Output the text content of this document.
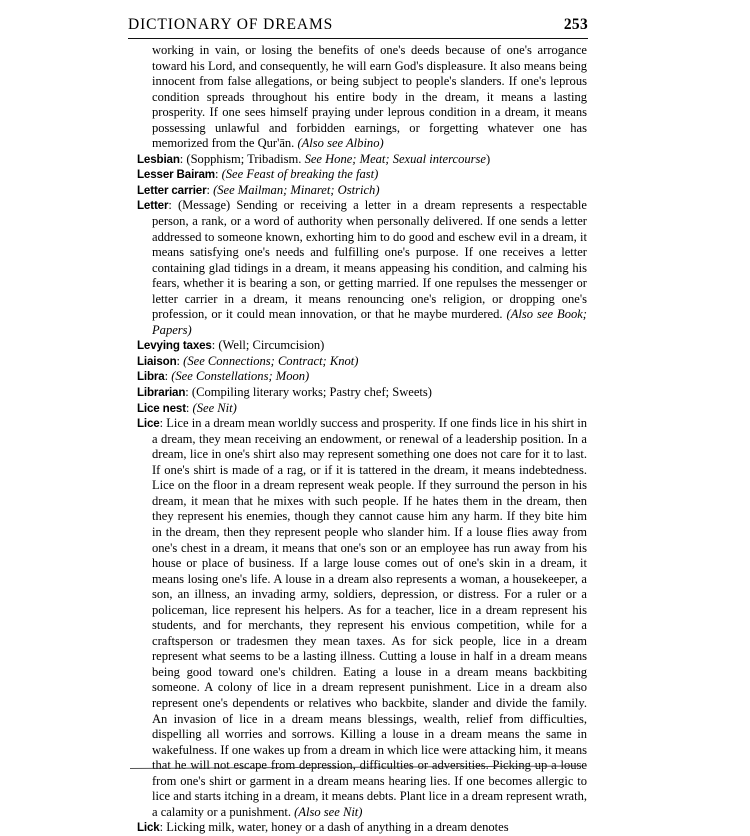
DICTIONARY OF DREAMS	253

working in vain, or losing the benefits of one's deeds because of one's arrogance toward his Lord, and consequently, he will earn God's displeasure. It also means being innocent from false allegations, or being subject to people's slanders. If one's leprous condition spreads throughout his entire body in the dream, it means a lasting prosperity. If one sees himself praying under leprous condition in a dream, it means possessing unlawful and forbidden earnings, or forgetting whatever one has memorized from the Qur'ān. (Also see Albino)

Lesbian: (Sopphism; Tribadism. See Hone; Meat; Sexual intercourse)

Lesser Bairam: (See Feast of breaking the fast)

Letter carrier: (See Mailman; Minaret; Ostrich)

Letter: (Message) Sending or receiving a letter in a dream represents a respectable person, a rank, or a word of authority when personally delivered. If one sends a letter addressed to someone known, exhorting him to do good and eschew evil in a dream, it means satisfying one's needs and fulfilling one's purpose. If one receives a letter containing glad tidings in a dream, it means appeasing his condition, and calming his fears, whether it is bearing a son, or getting married. If one repulses the messenger or letter carrier in a dream, it means renouncing one's religion, or dropping one's profession, or it could mean innovation, or that he maybe murdered. (Also see Book; Papers)

Levying taxes: (Well; Circumcision)

Liaison: (See Connections; Contract; Knot)

Libra: (See Constellations; Moon)

Librarian: (Compiling literary works; Pastry chef; Sweets)

Lice nest: (See Nit)

Lice: Lice in a dream mean worldly success and prosperity. If one finds lice in his shirt in a dream, they mean receiving an endowment, or renewal of a leadership position. In a dream, lice in one's shirt also may represent something one does not care for it to last. If one's shirt is made of a rag, or if it is tattered in the dream, it means indebtedness. Lice on the floor in a dream represent weak people. If they surround the person in his dream, it mean that he mixes with such people. If he hates them in the dream, then they represent his enemies, though they cannot cause him any harm. If they bite him in the dream, then they represent people who slander him. If a louse flies away from one's chest in a dream, it means that one's son or an employee has run away from his house or place of business. If a large louse comes out of one's skin in a dream, it means losing one's life. A louse in a dream also represents a woman, a housekeeper, a son, an illness, an invading army, soldiers, depression, or distress. For a ruler or a policeman, lice represent his helpers. As for a teacher, lice in a dream represent his students, and for merchants, they represent his envious competition, while for a craftsperson or tradesmen they mean taxes. As for sick people, lice in a dream represent what seems to be a lasting illness. Cutting a louse in half in a dream means being good toward one's children. Eating a louse in a dream means backbiting someone. A colony of lice in a dream represent punishment. Lice in a dream also represent one's dependents or relatives who backbite, slander and divide the family. An invasion of lice in a dream means blessings, wealth, relief from difficulties, dispelling all worries and sorrows. Killing a louse in a dream means the same in wakefulness. If one wakes up from a dream in which lice were attacking him, it means that he will not escape from depression, difficulties or adversities. Picking up a louse from one's shirt or garment in a dream means hearing lies. If one becomes allergic to lice and starts itching in a dream, it means debts. Plant lice in a dream represent wrath, a calamity or a punishment. (Also see Nit)

Lick: Licking milk, water, honey or a dash of anything in a dream denotes
